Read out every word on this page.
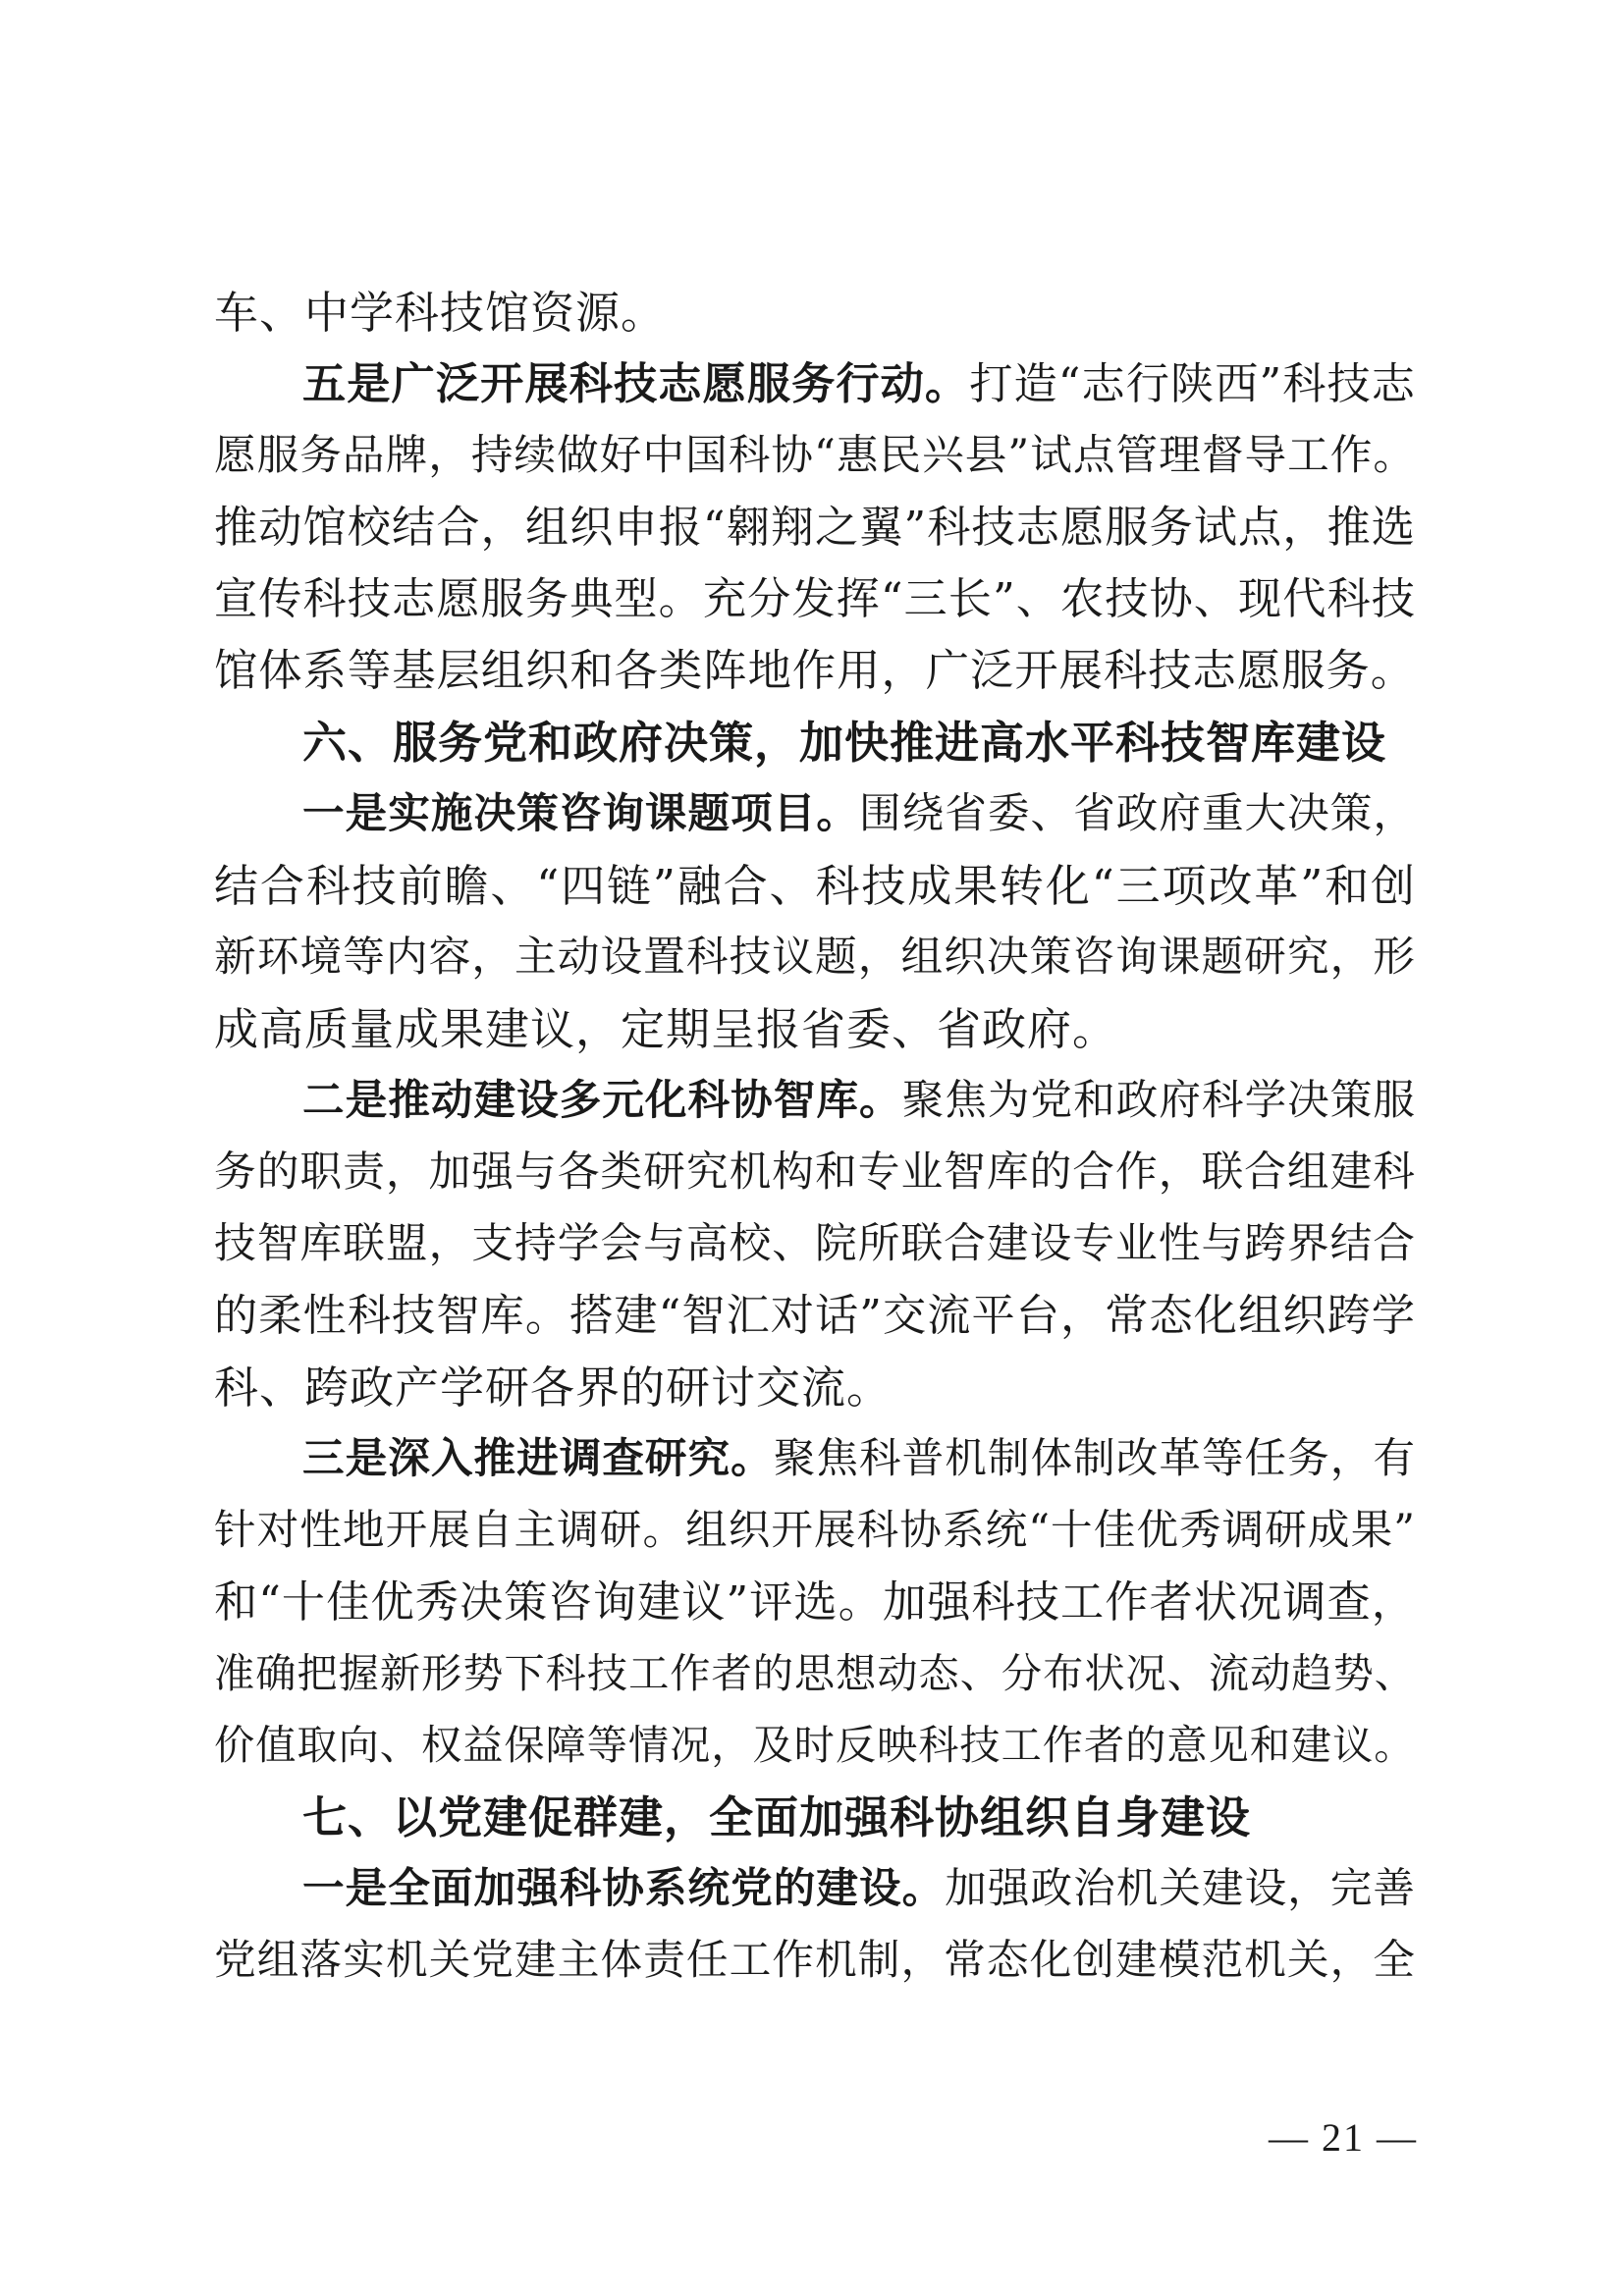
车、中学科技馆资源。
五是广泛开展科技志愿服务行动。打造“志行陕西”科技志
愿服务品牌，持续做好中国科协“惠民兴县”试点管理督导工作。
推动馆校结合，组织申报“翱翔之翼”科技志愿服务试点，推选
宣传科技志愿服务典型。充分发挥“三长”、农技协、现代科技
馆体系等基层组织和各类阵地作用，广泛开展科技志愿服务。
六、服务党和政府决策，加快推进高水平科技智库建设
一是实施决策咨询课题项目。围绕省委、省政府重大决策，
结合科技前瞻、“四链”融合、科技成果转化“三项改革”和创
新环境等内容，主动设置科技议题，组织决策咨询课题研究，形
成高质量成果建议，定期呈报省委、省政府。
二是推动建设多元化科协智库。聚焦为党和政府科学决策服
务的职责，加强与各类研究机构和专业智库的合作，联合组建科
技智库联盟，支持学会与高校、院所联合建设专业性与跨界结合
的柔性科技智库。搭建“智汇对话”交流平台，常态化组织跨学
科、跨政产学研各界的研讨交流。
三是深入推进调查研究。聚焦科普机制体制改革等任务，有
针对性地开展自主调研。组织开展科协系统“十佳优秀调研成果”
和“十佳优秀决策咨询建议”评选。加强科技工作者状况调查，
准确把握新形势下科技工作者的思想动态、分布状况、流动趋势、
价值取向、权益保障等情况，及时反映科技工作者的意见和建议。
七、以党建促群建，全面加强科协组织自身建设
一是全面加强科协系统党的建设。加强政治机关建设，完善
党组落实机关党建主体责任工作机制，常态化创建模范机关，全
— 21 —
